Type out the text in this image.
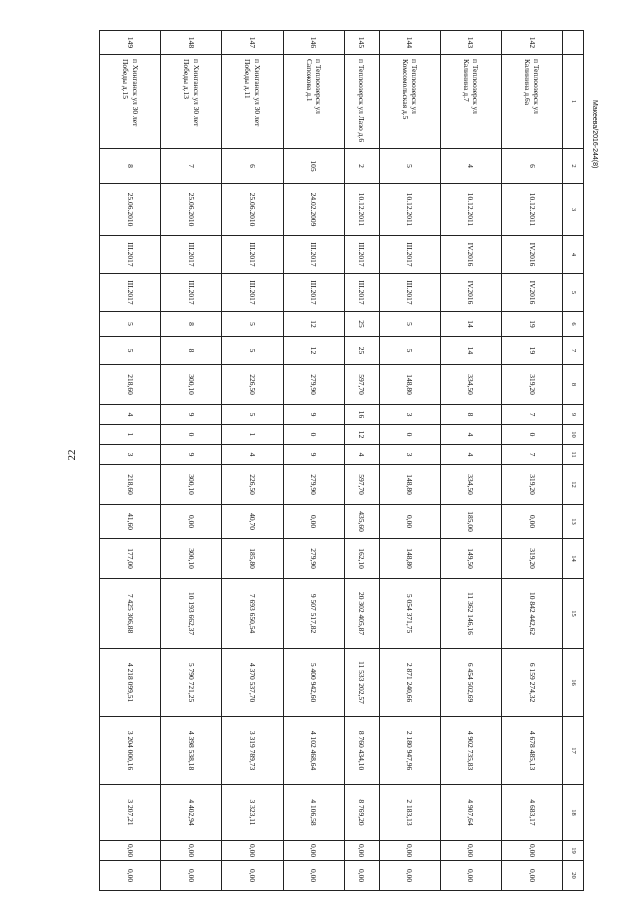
22
Макеева/2016-244(8)
	1	2	3	4	5	6	7	8	9	10	11	12	13	14	15	16	17	18	19	20
142	п Теплоозерск ул Калинина д.6а	6	10.12.2011	IV.2016	IV.2016	19	19	319,20	7	0	7	319,20	0,00	319,20	10 842 442,62	6 159 274,32	4 678 485,13	4 683,17	0,00	0,00
143	п Теплоозерск ул Калинина д.7	4	10.12.2011	IV.2016	IV.2016	14	14	334,50	8	4	4	334,50	185,00	149,50	11 362 146,16	6 454 502,69	4 902 735,83	4 907,64	0,00	0,00
144	п Теплоозерск ул Комсомольская д.5	5	10.12.2011	III.2017	III.2017	5	5	148,80	3	0	3	148,80	0,00	148,80	5 054 371,75	2 871 240,66	2 180 947,96	2 183,13	0,00	0,00
145	п Теплоозерск ул Лазо д.6	2	10.12.2011	III.2017	III.2017	25	25	597,70	16	12	4	597,70	435,60	162,10	20 302 405,87	11 533 202,57	8 760 434,10	8 769,20	0,00	0,00
146	п Теплоозерск ул Сапожова д.1	105	24.02.2009	III.2017	III.2017	12	12	279,90	9	0	9	279,90	0,00	279,90	9 507 517,82	5 400 942,60	4 102 468,64	4 106,58	0,00	0,00
147	п Хинганск ул 30 лет Победы д.11	6	25.06.2010	III.2017	III.2017	5	5	226,50	5	1	4	226,50	40,70	185,80	7 693 650,54	4 370 537,70	3 319 789,73	3 323,11	0,00	0,00
148	п Хинганск ул 30 лет Победы д.13	7	25.06.2010	III.2017	III.2017	8	8	300,10	9	0	9	300,10	0,00	300,10	10 193 662,37	5 790 721,25	4 398 538,18	4 402,94	0,00	0,00
149	п Хинганск ул 30 лет Победы д.15	8	25.06.2010	III.2017	III.2017	5	5	218,60	4	1	3	218,60	41,60	177,00	7 425 306,88	4 218 099,51	3 204 000,16	3 207,21	0,00	0,00
